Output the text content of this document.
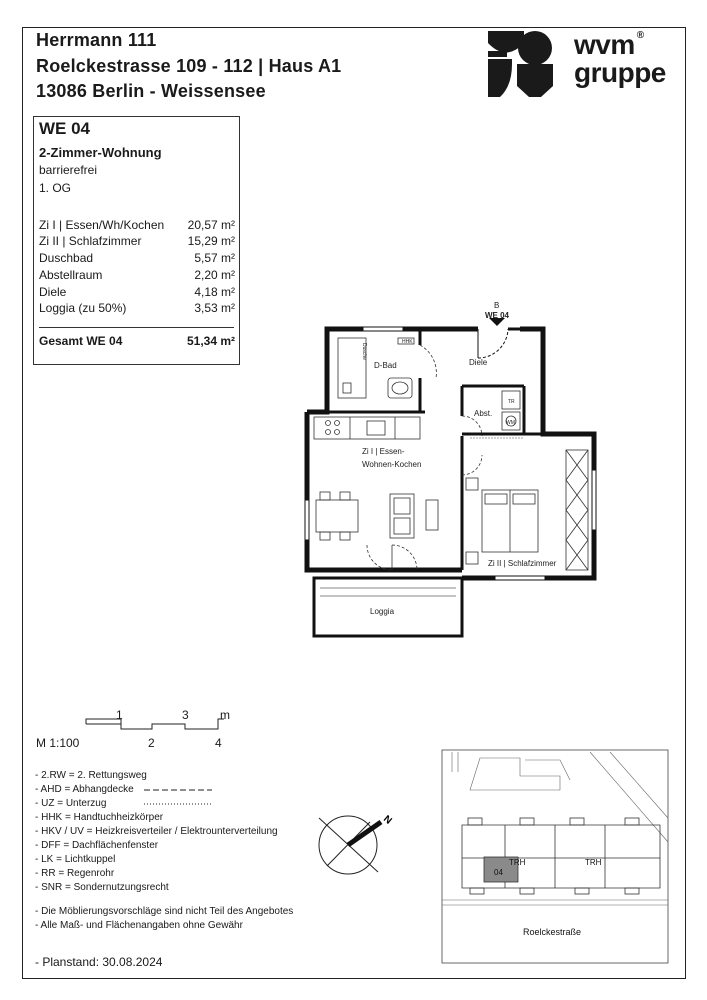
Herrmann 111
Roelckestrasse 109 - 112 | Haus A1
13086 Berlin - Weissensee
wvm ®
gruppe
WE 04
2-Zimmer-Wohnung
barrierefrei
1. OG
Zi I | Essen/Wh/Kochen 20,57 m²
Zi II | Schlafzimmer	15,29 m²
Duschbad	5,57 m²
Abstellraum	2,20 m²
Diele	4,18 m²
Loggia (zu 50%)	3,53 m²
Gesamt WE 04	51,34 m²
B
WE 04
D-Bad
HHK
Dusche
Diele
TR
WM
Abst.
Zi I | Essen-
Wohnen-Kochen
Zi II | Schlafzimmer
Loggia
1	3	m
M 1:100	2	4
- 2.RW = 2. Rettungsweg
- AHD = Abhangdecke
- UZ = Unterzug
- HHK = Handtuchheizkörper
- HKV / UV = Heizkreisverteiler / Elektrounterverteilung
- DFF = Dachflächenfenster
- LK = Lichtkuppel
- RR = Regenrohr
- SNR = Sondernutzungsrecht
- Die Möblierungsvorschläge sind nicht Teil des Angebotes
- Alle Maß- und Flächenangaben ohne Gewähr
- Planstand: 30.08.2024
N
04
TRH	TRH
Roelckestraße
